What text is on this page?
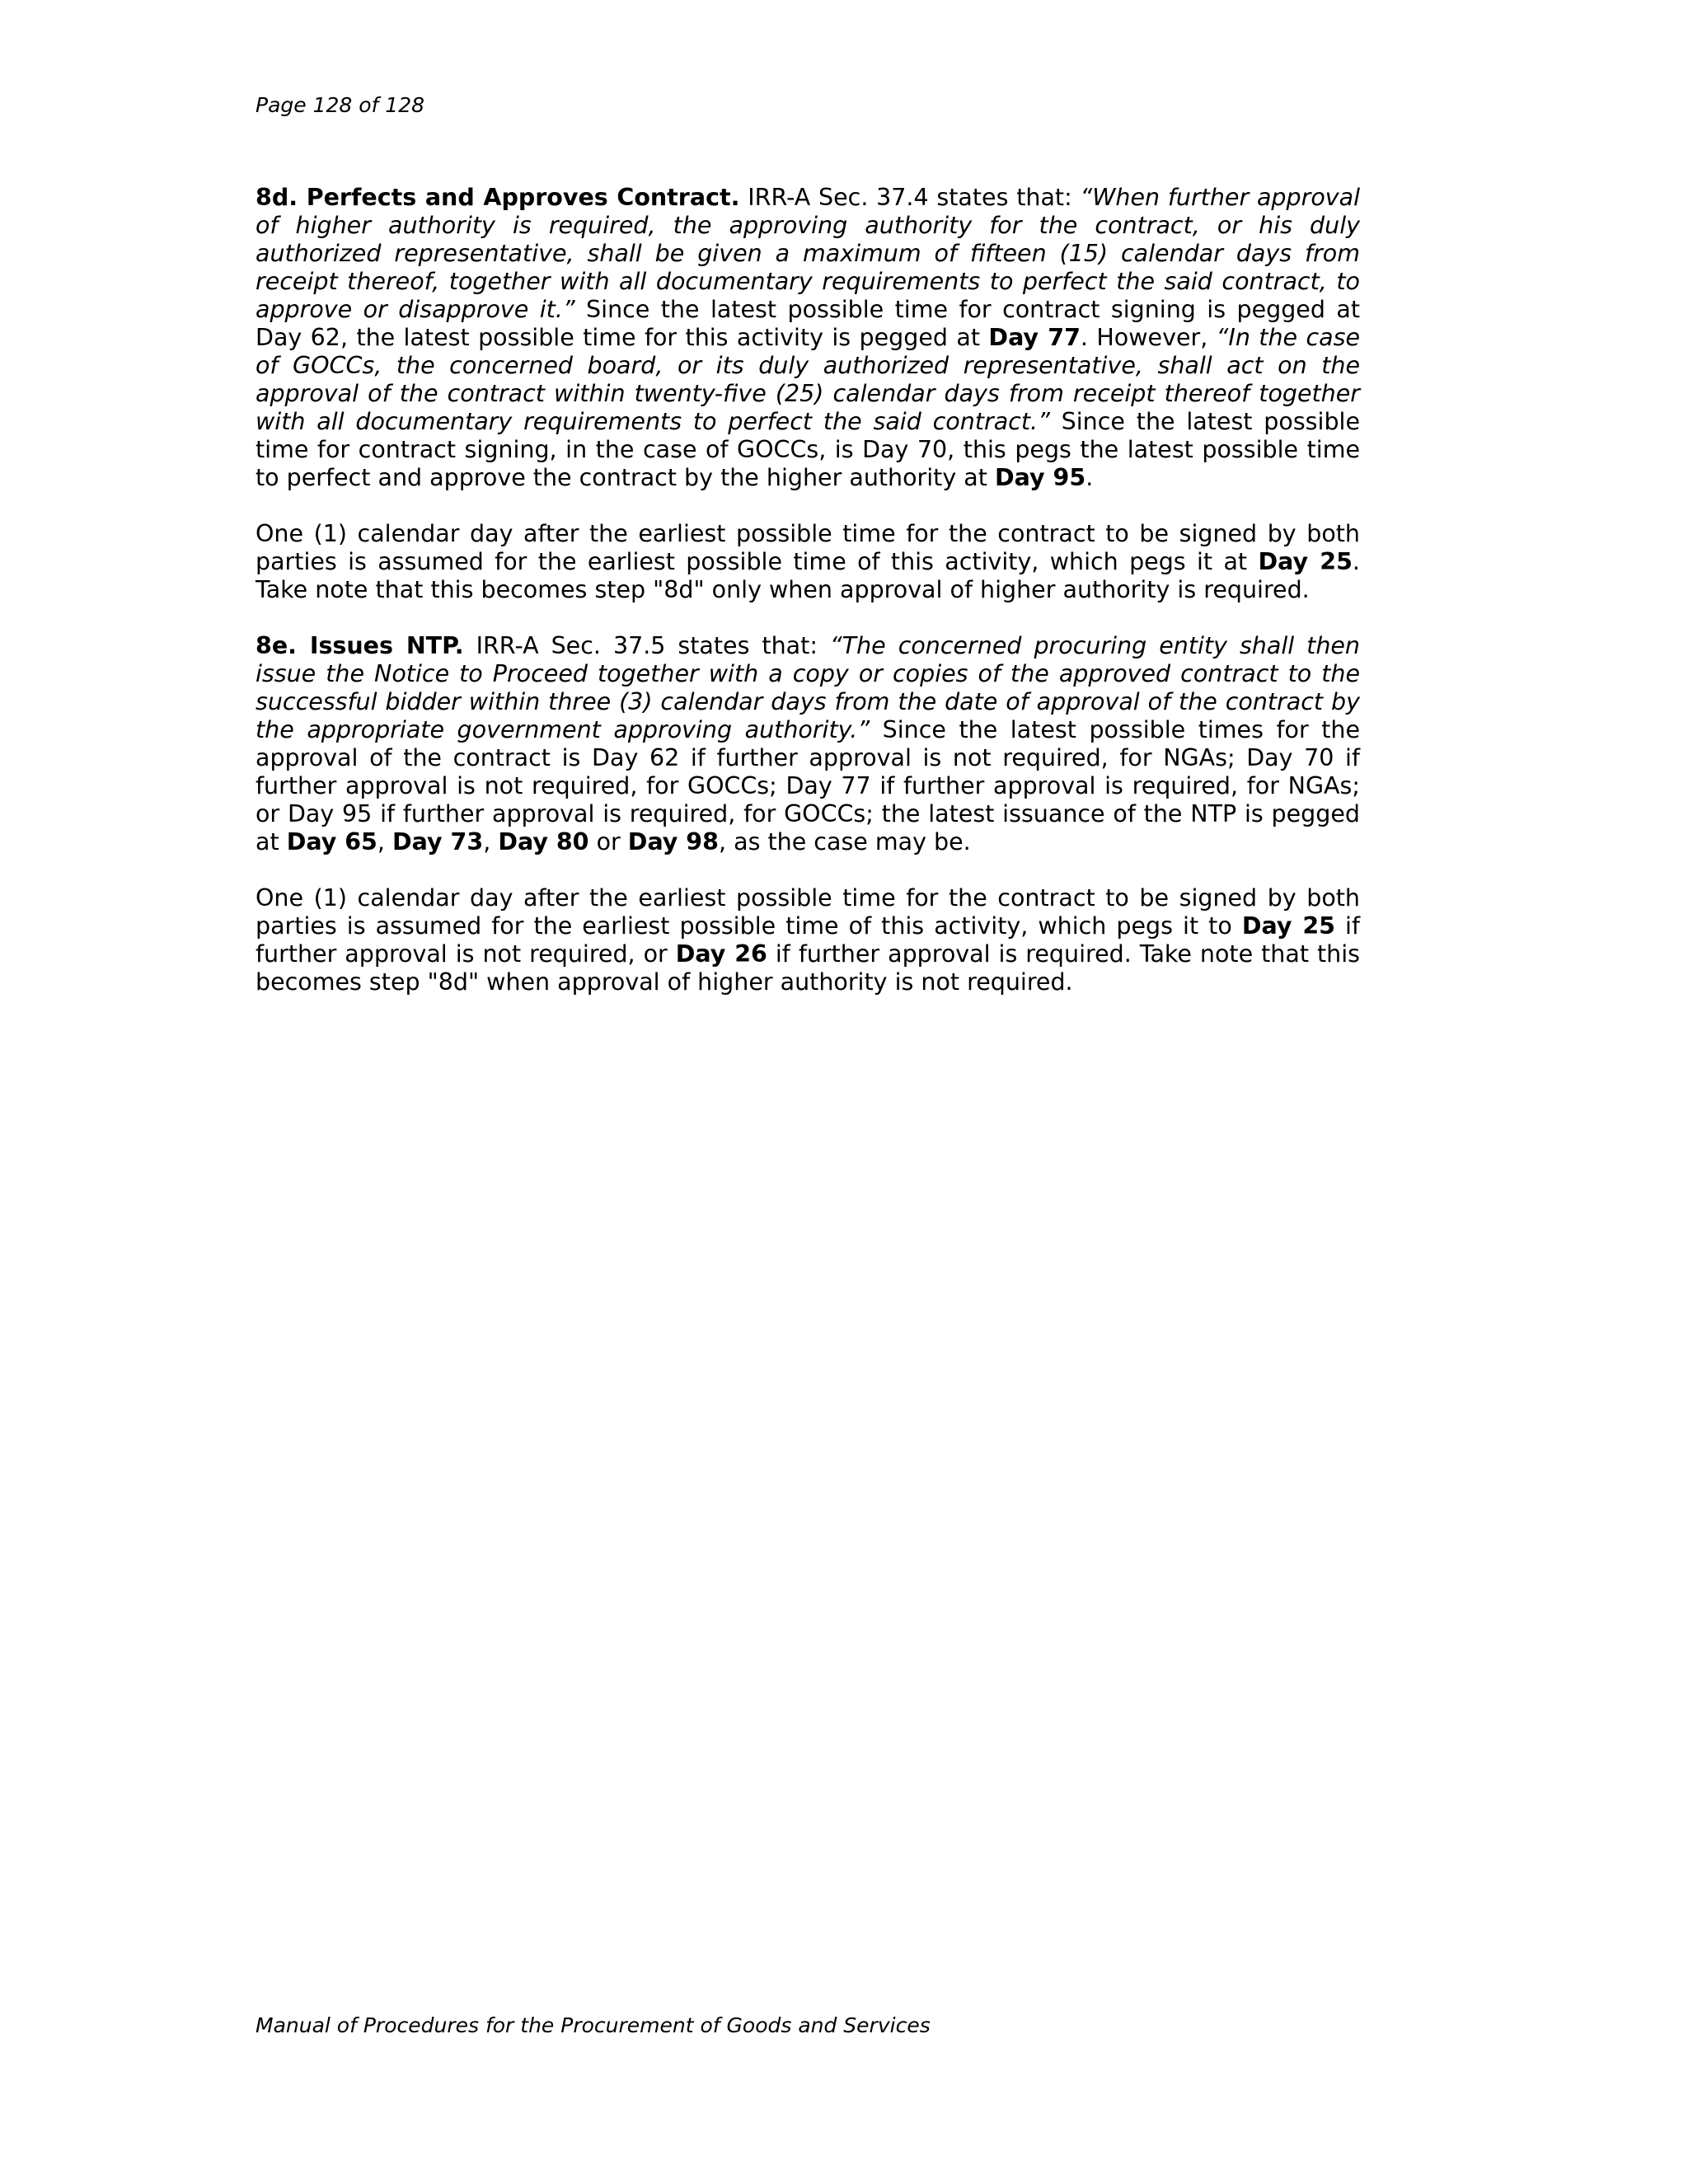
Page 128 of 128

8d. Perfects and Approves Contract. IRR-A Sec. 37.4 states that: “When further approval of higher authority is required, the approving authority for the contract, or his duly authorized representative, shall be given a maximum of fifteen (15) calendar days from receipt thereof, together with all documentary requirements to perfect the said contract, to approve or disapprove it.” Since the latest possible time for contract signing is pegged at Day 62, the latest possible time for this activity is pegged at Day 77. However, “In the case of GOCCs, the concerned board, or its duly authorized representative, shall act on the approval of the contract within twenty-five (25) calendar days from receipt thereof together with all documentary requirements to perfect the said contract.” Since the latest possible time for contract signing, in the case of GOCCs, is Day 70, this pegs the latest possible time to perfect and approve the contract by the higher authority at Day 95.

One (1) calendar day after the earliest possible time for the contract to be signed by both parties is assumed for the earliest possible time of this activity, which pegs it at Day 25. Take note that this becomes step "8d" only when approval of higher authority is required.

8e. Issues NTP. IRR-A Sec. 37.5 states that: “The concerned procuring entity shall then issue the Notice to Proceed together with a copy or copies of the approved contract to the successful bidder within three (3) calendar days from the date of approval of the contract by the appropriate government approving authority.” Since the latest possible times for the approval of the contract is Day 62 if further approval is not required, for NGAs; Day 70 if further approval is not required, for GOCCs; Day 77 if further approval is required, for NGAs; or Day 95 if further approval is required, for GOCCs; the latest issuance of the NTP is pegged at Day 65, Day 73, Day 80 or Day 98, as the case may be.

One (1) calendar day after the earliest possible time for the contract to be signed by both parties is assumed for the earliest possible time of this activity, which pegs it to Day 25 if further approval is not required, or Day 26 if further approval is required. Take note that this becomes step "8d" when approval of higher authority is not required.

Manual of Procedures for the Procurement of Goods and Services
